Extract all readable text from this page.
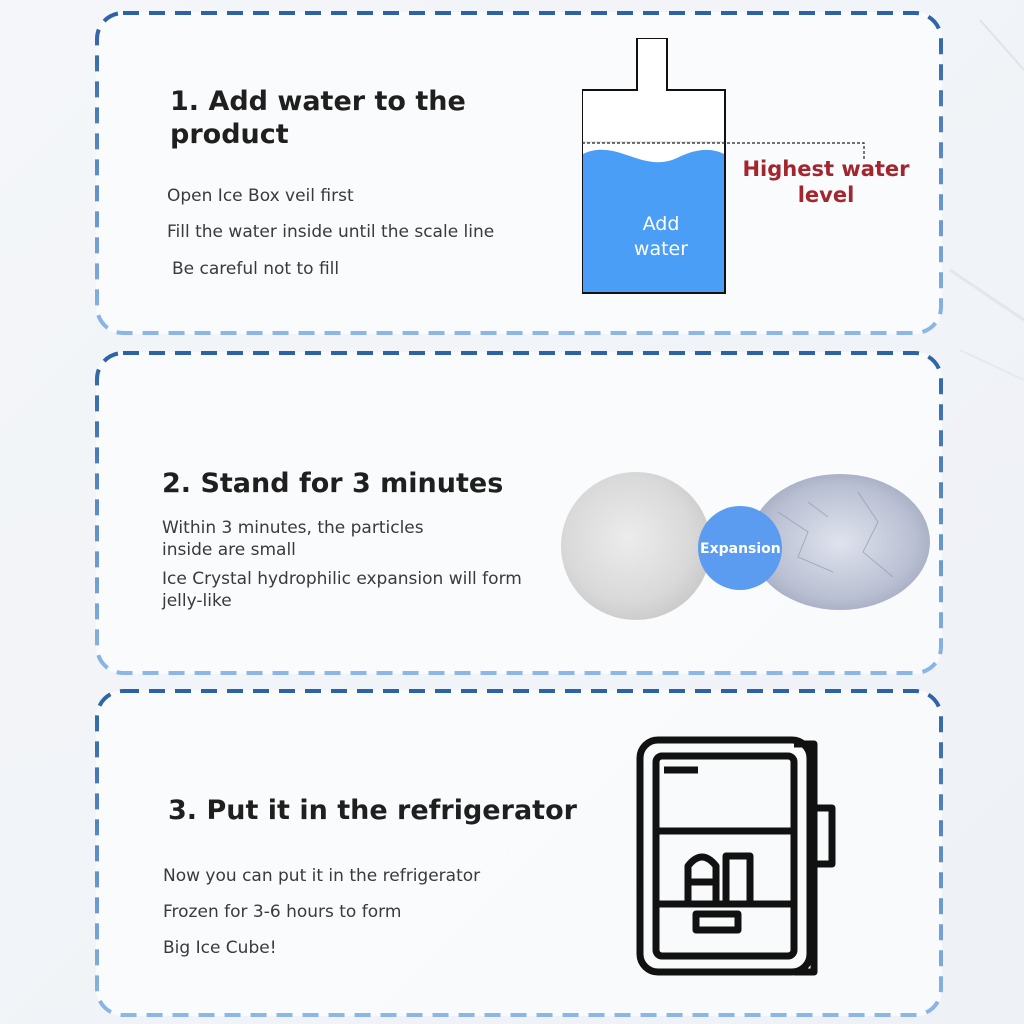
1. Add water to the product
Open Ice Box veil first
Fill the water inside until the scale line
Be careful not to fill
Add water
Highest water level
2. Stand for 3 minutes
Within 3 minutes, the particles inside are small
Ice Crystal hydrophilic expansion will form jelly-like
Expansion
3. Put it in the refrigerator
Now you can put it in the refrigerator
Frozen for 3-6 hours to form
Big Ice Cube!
